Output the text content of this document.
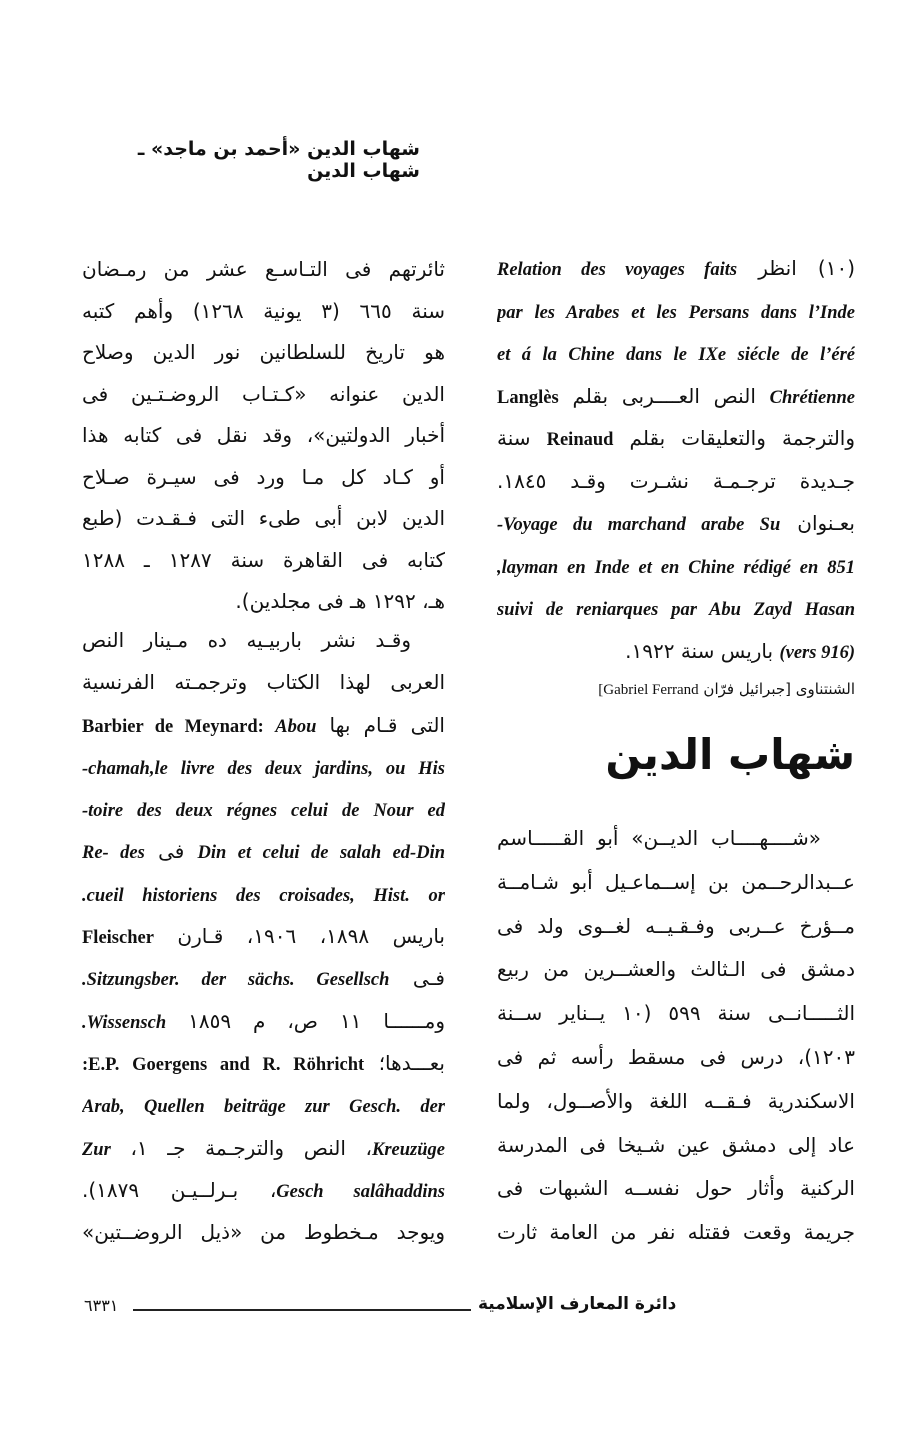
شهاب الدين «أحمد بن ماجد» ـ شهاب الدين
ثائرتهم فى التـاسـع عشر من رمـضان
سنة ٦٦٥ (٣ يونية ١٢٦٨) وأهم كتبه
هو تاريخ للسلطانين نور الدين وصلاح
الدين عنوانه «كـتـاب الروضـتـين فى
أخبار الدولتين»، وقد نقل فى كتابه هذا
أو كـاد كل مـا ورد فى سيـرة صـلاح
الدين لابن أبى طىء التى فـقـدت (طبع
كتابه فى القاهرة سنة ١٢٨٧ ـ ١٢٨٨
هـ، ١٢٩٢ هـ فى مجلدين).
وقـد نشر باربيـيه ده مـينار النص
العربى لهذا الكتاب وترجمـته الفرنسية
التى قـام بها Barbier de Meynard: Abou
chamah,le livre des deux jardins, ou His-
toire des deux régnes celui de Nour ed-
Din et celui de salah ed-Din فى Re- des
cueil historiens des croisades, Hist. or.
باريس ١٨٩٨، ١٩٠٦، قـارن Fleischer
فـى Sitzungsber. der sächs. Gesellsch.
ومــــــا ١١ ص، م ١٨٥٩ Wissensch.
بعـــدها؛ E.P. Goergens and R. Röhricht:
Arab, Quellen beiträge zur Gesch. der
Kreuzüge، النص والترجـمة جـ ١، Zur
Gesch salâhaddins، بـرلــيـن ١٨٧٩).
ويوجد مـخطوط من «ذيل الروضــتين»
(١٠) انظر Relation des voyages faits
par les Arabes et les Persans dans l’Inde
et á la Chine dans le IXe siécle de l’éré
Chrétienne النص العــــربى بقلم Langlès
والترجمة والتعليقات بقلم Reinaud سنة
جـديدة ترجـمـة نشـرت وقـد ١٨٤٥.
بعـنوان Voyage du marchand arabe Su-
layman en Inde et en Chine rédigé en 851,
suivi de reniarques par Abu Zayd Hasan
(vers 916) باريس سنة ١٩٢٢.
الشنتناوى [جبرائيل فرّان Gabriel Ferrand]
شهاب الدين
«شــــهــــاب الديــن» أبو القـــــاسم
عــبدالرحــمن بن إســماعـيل أبو شـامــة
مــؤرخ عــربى وفـقـيــه لغــوى ولد فى
دمشق فى الـثالث والعشــرين من ربيع
الثـــــانــى سنة ٥٩٩ (١٠ يــناير ســنة
١٢٠٣)، درس فى مسقط رأسه ثم فى
الاسكندرية فـقــه اللغة والأصــول، ولما
عاد إلى دمشق عين شـيخا فى المدرسة
الركنية وأثار حول نفســه الشبهات فى
جريمة وقعت فقتله نفر من العامة ثارت
٦٣٣١	دائرة المعارف الإسلامية
